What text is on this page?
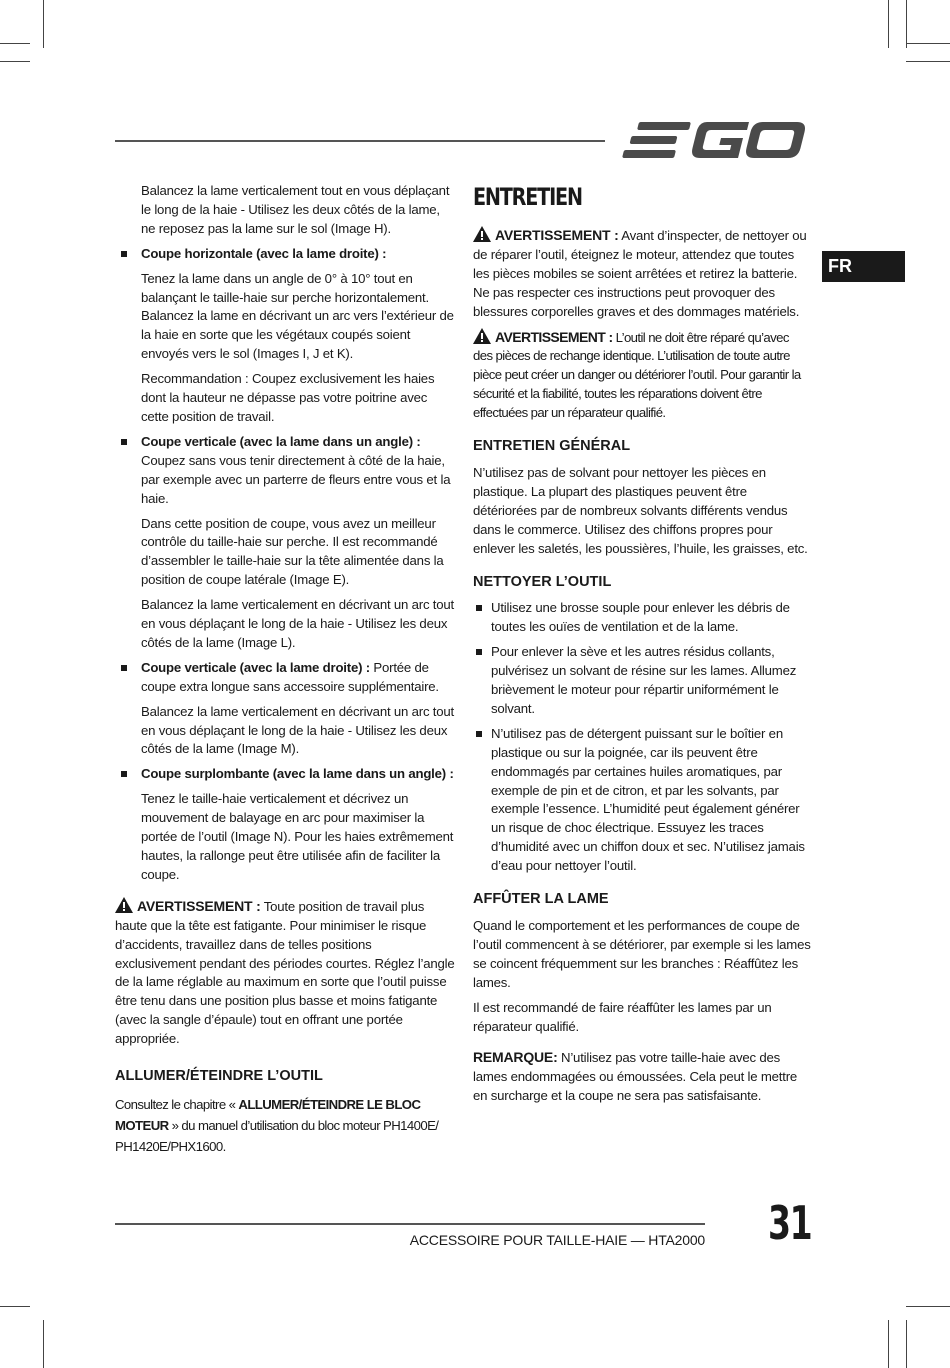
FR

Balancez la lame verticalement tout en vous déplaçant le long de la haie - Utilisez les deux côtés de la lame, ne reposez pas la lame sur le sol (Image H).

Coupe horizontale (avec la lame droite) :

Tenez la lame dans un angle de 0° à 10° tout en balançant le taille-haie sur perche horizontalement. Balancez la lame en décrivant un arc vers l’extérieur de la haie en sorte que les végétaux coupés soient envoyés vers le sol (Images I, J et K).

Recommandation : Coupez exclusivement les haies dont la hauteur ne dépasse pas votre poitrine avec cette position de travail.

Coupe verticale (avec la lame dans un angle) : Coupez sans vous tenir directement à côté de la haie, par exemple avec un parterre de fleurs entre vous et la haie.

Dans cette position de coupe, vous avez un meilleur contrôle du taille-haie sur perche. Il est recommandé d’assembler le taille-haie sur la tête alimentée dans la position de coupe latérale (Image E).

Balancez la lame verticalement en décrivant un arc tout en vous déplaçant le long de la haie - Utilisez les deux côtés de la lame (Image L).

Coupe verticale (avec la lame droite) : Portée de coupe extra longue sans accessoire supplémentaire.

Balancez la lame verticalement en décrivant un arc tout en vous déplaçant le long de la haie - Utilisez les deux côtés de la lame (Image M).

Coupe surplombante (avec la lame dans un angle) :

Tenez le taille-haie verticalement et décrivez un mouvement de balayage en arc pour maximiser la portée de l’outil (Image N). Pour les haies extrêmement hautes, la rallonge peut être utilisée afin de faciliter la coupe.

AVERTISSEMENT : Toute position de travail plus haute que la tête est fatigante. Pour minimiser le risque d’accidents, travaillez dans de telles positions exclusivement pendant des périodes courtes. Réglez l’angle de la lame réglable au maximum en sorte que l’outil puisse être tenu dans une position plus basse et moins fatigante (avec la sangle d’épaule) tout en offrant une portée appropriée.

ALLUMER/ÉTEINDRE L’OUTIL

Consultez le chapitre « ALLUMER/ÉTEINDRE LE BLOC MOTEUR » du manuel d’utilisation du bloc moteur PH1400E/ PH1420E/PHX1600.

ENTRETIEN

AVERTISSEMENT : Avant d’inspecter, de nettoyer ou de réparer l’outil, éteignez le moteur, attendez que toutes les pièces mobiles se soient arrêtées et retirez la batterie. Ne pas respecter ces instructions peut provoquer des blessures corporelles graves et des dommages matériels.

AVERTISSEMENT : L’outil ne doit être réparé qu’avec des pièces de rechange identique. L’utilisation de toute autre pièce peut créer un danger ou détériorer l’outil. Pour garantir la sécurité et la fiabilité, toutes les réparations doivent être effectuées par un réparateur qualifié.

ENTRETIEN GÉNÉRAL

N’utilisez pas de solvant pour nettoyer les pièces en plastique. La plupart des plastiques peuvent être détériorées par de nombreux solvants différents vendus dans le commerce. Utilisez des chiffons propres pour enlever les saletés, les poussières, l’huile, les graisses, etc.

NETTOYER L’OUTIL
Utilisez une brosse souple pour enlever les débris de toutes les ouïes de ventilation et de la lame.
Pour enlever la sève et les autres résidus collants, pulvérisez un solvant de résine sur les lames. Allumez brièvement le moteur pour répartir uniformément le solvant.
N’utilisez pas de détergent puissant sur le boîtier en plastique ou sur la poignée, car ils peuvent être endommagés par certaines huiles aromatiques, par exemple de pin et de citron, et par les solvants, par exemple l’essence. L’humidité peut également générer un risque de choc électrique. Essuyez les traces d’humidité avec un chiffon doux et sec. N’utilisez jamais d’eau pour nettoyer l’outil.
AFFÛTER LA LAME

Quand le comportement et les performances de coupe de l’outil commencent à se détériorer, par exemple si les lames se coincent fréquemment sur les branches : Réaffûtez les lames.

Il est recommandé de faire réaffûter les lames par un réparateur qualifié.

REMARQUE: N’utilisez pas votre taille-haie avec des lames endommagées ou émoussées. Cela peut le mettre en surcharge et la coupe ne sera pas satisfaisante.

ACCESSOIRE POUR TAILLE-HAIE — HTA2000 31
